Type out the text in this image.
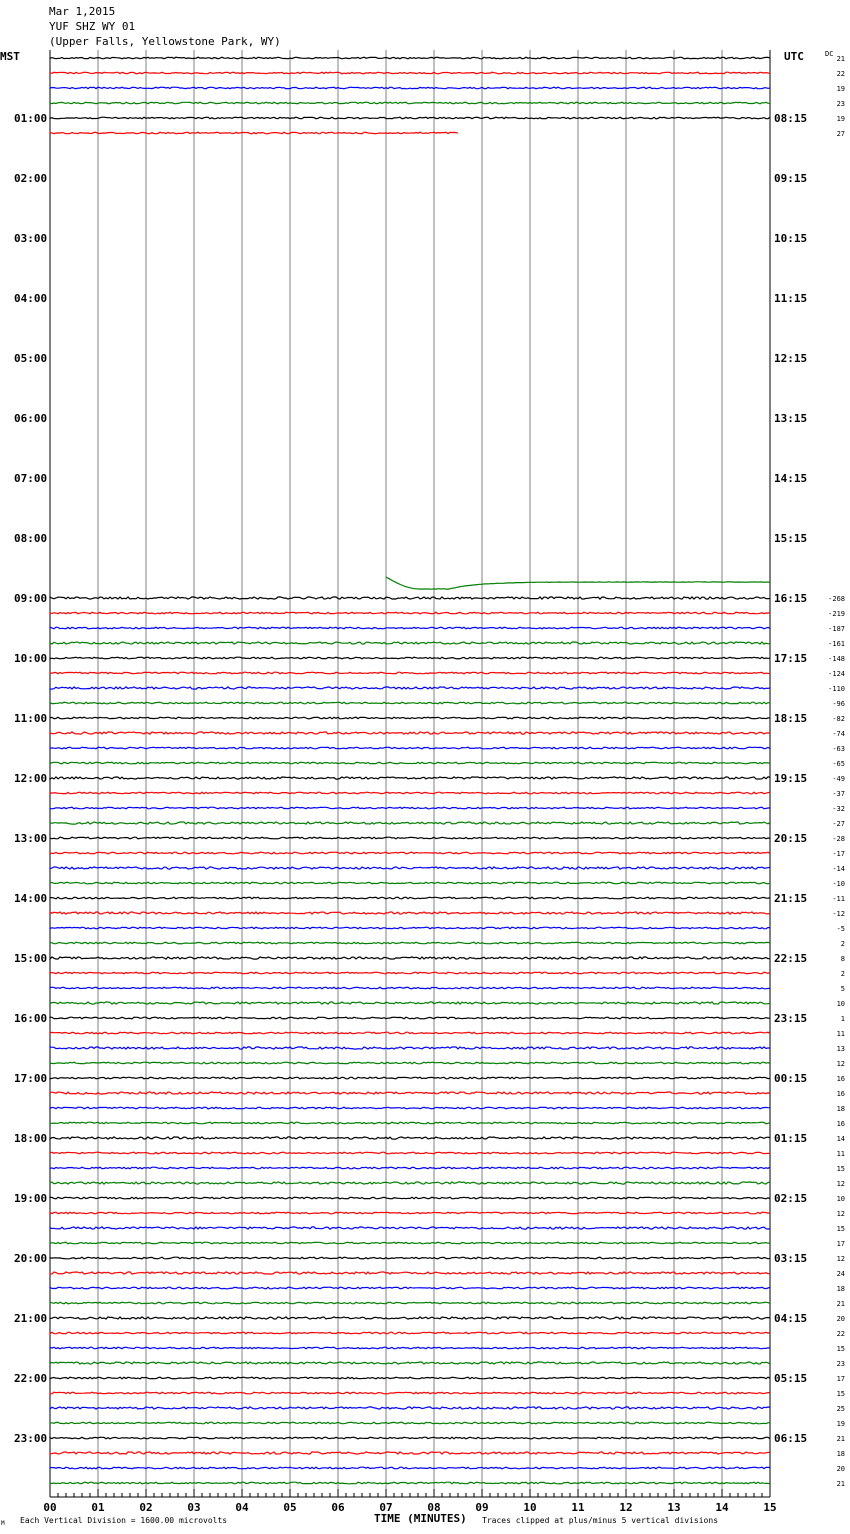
Mar 1,2015
YUF SHZ WY 01
(Upper Falls, Yellowstone Park, WY)
01:00	08:15
02:00	09:15
03:00	10:15
04:00	11:15
05:00	12:15
06:00	13:15
07:00	14:15
08:00	15:15
09:00	16:15
10:00	17:15
11:00	18:15
12:00	19:15
13:00	20:15
14:00	21:15
15:00	22:15
16:00	23:15
17:00	00:15
18:00	01:15
19:00	02:15
20:00	03:15
21:00	04:15
22:00	05:15
23:00	06:15
21
22
19
23
19
27
-268
-219
-187
-161
-148
-124
-110
-96
-82
-74
-63
-65
-49
-37
-32
-27
-28
-17
-14
-10
-11
-12
-5
2
8
2
5
10
1
11
13
12
16
16
18
16
14
11
15
12
10
12
15
17
12
24
18
21
20
22
15
23
17
15
25
19
21
18
20
21
00	01	02	03	04	05	06	07	08	09	10	11	12	13	14	15
MST	UTC	DC
TIME (MINUTES)
Each Vertical Division = 1600.00 microvolts	Traces clipped at plus/minus 5 vertical divisions
M
